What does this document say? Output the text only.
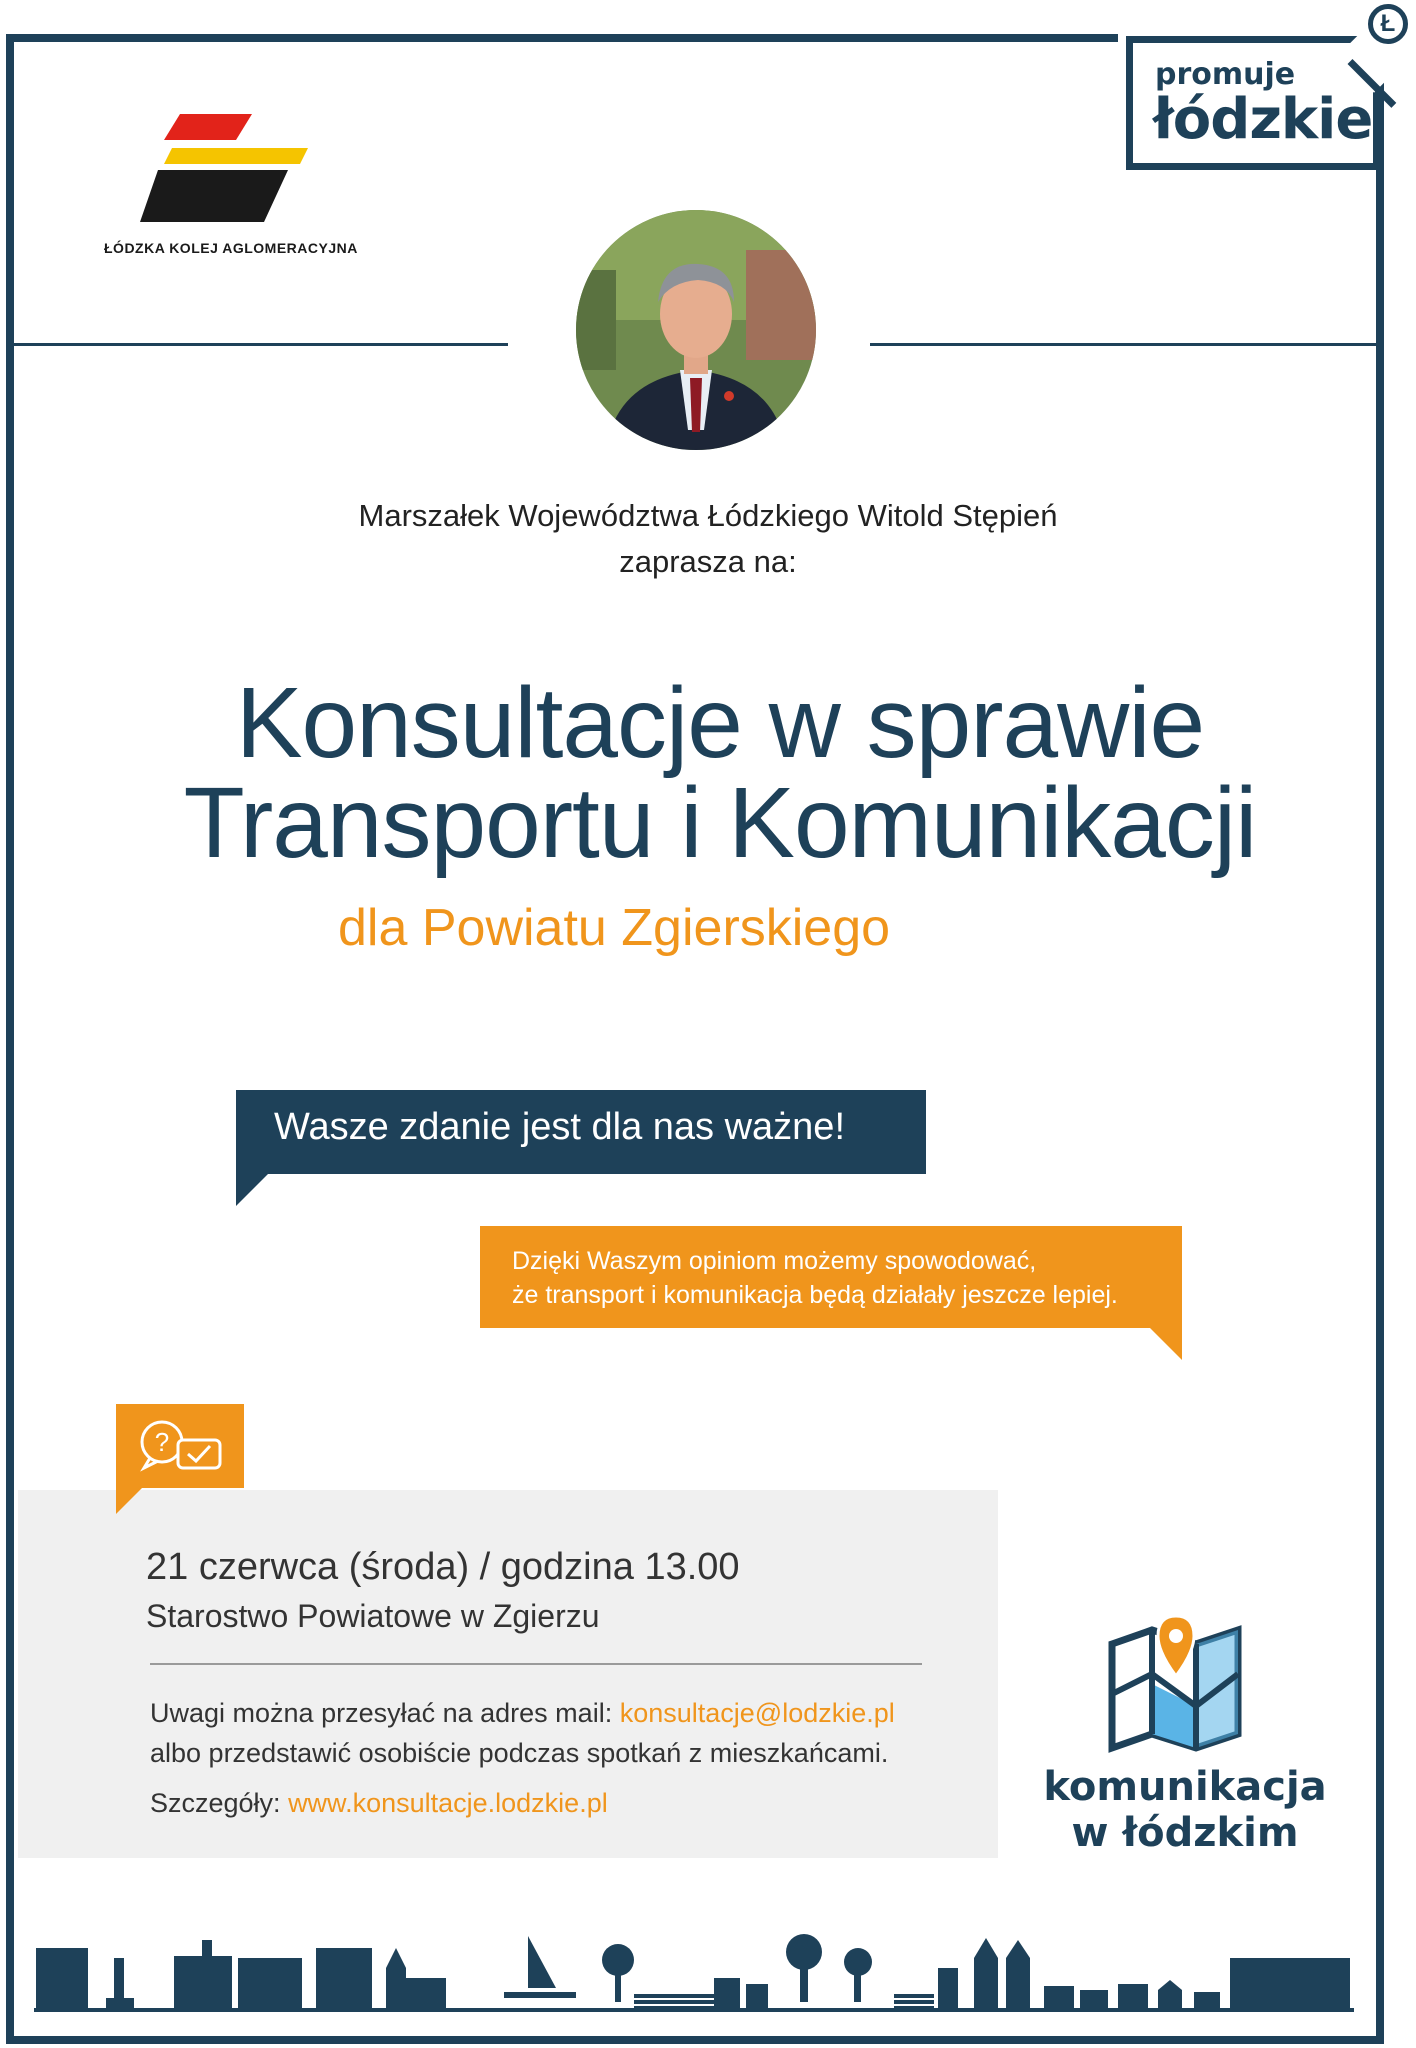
promuje
łódzkie
Ł
ŁÓDZKA KOLEJ AGLOMERACYJNA
Marszałek Województwa Łódzkiego Witold Stępień
zaprasza na:
Konsultacje w sprawie
Transportu i Komunikacji
dla Powiatu Zgierskiego
Wasze zdanie jest dla nas ważne!
Dzięki Waszym opiniom możemy spowodować,
że transport i komunikacja będą działały jeszcze lepiej.
?
21 czerwca (środa) / godzina 13.00
Starostwo Powiatowe w Zgierzu
Uwagi można przesyłać na adres mail: konsultacje@lodzkie.pl
albo przedstawić osobiście podczas spotkań z mieszkańcami.
Szczegóły: www.konsultacje.lodzkie.pl	komunikacja
w łódzkim
